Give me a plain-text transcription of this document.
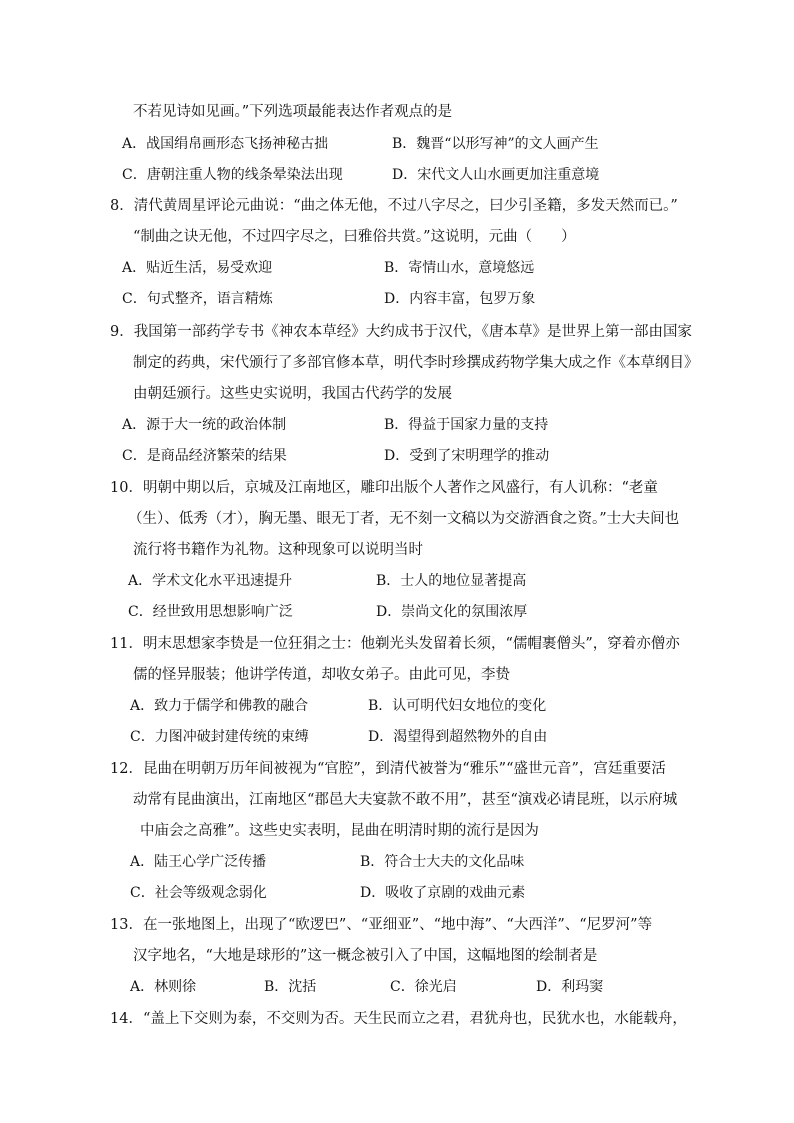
不若见诗如见画。”下列选项最能表达作者观点的是
A．战国绢帛画形态飞扬神秘古拙	B．魏晋“以形写神”的文人画产生
C．唐朝注重人物的线条晕染法出现	D．宋代文人山水画更加注重意境
8．清代黄周星评论元曲说：“曲之体无他，不过八字尽之，曰少引圣籍，多发天然而已。”
“制曲之诀无他，不过四字尽之，曰雅俗共赏。”这说明，元曲（　　）
A．贴近生活，易受欢迎	B．寄情山水，意境悠远
C．句式整齐，语言精炼	D．内容丰富，包罗万象
9．我国第一部药学专书《神农本草经》大约成书于汉代，《唐本草》是世界上第一部由国家
制定的药典，宋代颁行了多部官修本草，明代李时珍撰成药物学集大成之作《本草纲目》
由朝廷颁行。这些史实说明，我国古代药学的发展
A．源于大一统的政治体制	B．得益于国家力量的支持
C．是商品经济繁荣的结果	D．受到了宋明理学的推动
10．明朝中期以后，京城及江南地区，雕印出版个人著作之风盛行，有人讥称：“老童
（生）、低秀（才），胸无墨、眼无丁者，无不刻一文稿以为交游酒食之资。”士大夫间也
流行将书籍作为礼物。这种现象可以说明当时
A．学术文化水平迅速提升	B．士人的地位显著提高
C．经世致用思想影响广泛	D．崇尚文化的氛围浓厚
11．明末思想家李贽是一位狂狷之士：他剃光头发留着长须，“儒帽裹僧头”，穿着亦僧亦
儒的怪异服装；他讲学传道，却收女弟子。由此可见，李贽
A．致力于儒学和佛教的融合	B．认可明代妇女地位的变化
C．力图冲破封建传统的束缚	D．渴望得到超然物外的自由
12．昆曲在明朝万历年间被视为“官腔”，到清代被誉为“雅乐”“盛世元音”，宫廷重要活
动常有昆曲演出，江南地区“郡邑大夫宴款不敢不用”，甚至“演戏必请昆班，以示府城
中庙会之高雅”。这些史实表明，昆曲在明清时期的流行是因为
A．陆王心学广泛传播	B．符合士大夫的文化品味
C．社会等级观念弱化	D．吸收了京剧的戏曲元素
13．在一张地图上，出现了“欧逻巴”、“亚细亚”、“地中海”、“大西洋”、“尼罗河”等
汉字地名，“大地是球形的”这一概念被引入了中国，这幅地图的绘制者是
A．林则徐	B．沈括	C．徐光启	D．利玛窦
14．“盖上下交则为泰，不交则为否。天生民而立之君，君犹舟也，民犹水也，水能载舟，
